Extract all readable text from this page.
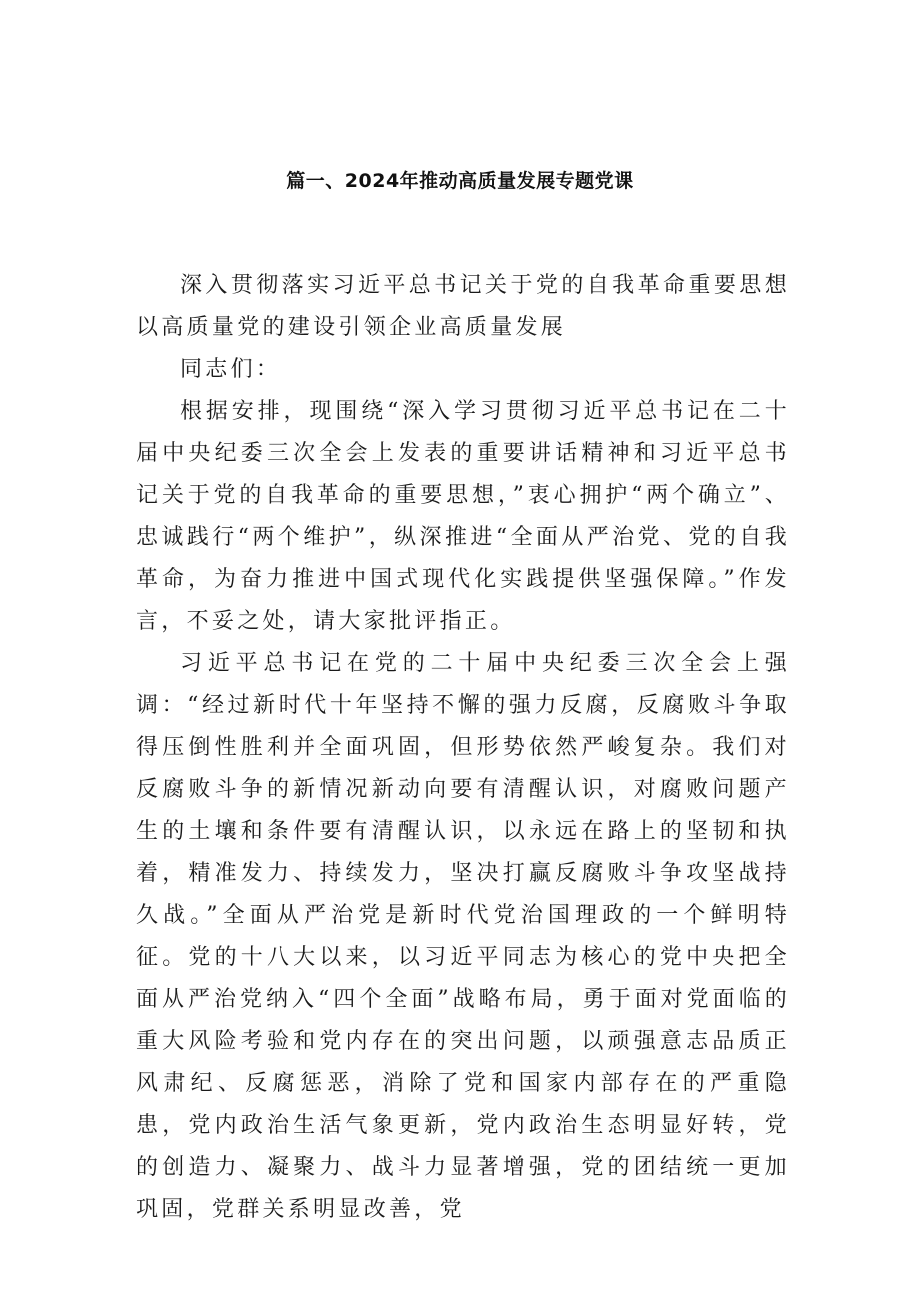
篇一、2024年推动高质量发展专题党课

深入贯彻落实习近平总书记关于党的自我革命重要思想以高质量党的建设引领企业高质量发展

同志们：

根据安排，现围绕“深入学习贯彻习近平总书记在二十届中央纪委三次全会上发表的重要讲话精神和习近平总书记关于党的自我革命的重要思想，”衷心拥护“两个确立”、忠诚践行“两个维护”，纵深推进“全面从严治党、党的自我革命，为奋力推进中国式现代化实践提供坚强保障。”作发言，不妥之处，请大家批评指正。

习近平总书记在党的二十届中央纪委三次全会上强调：“经过新时代十年坚持不懈的强力反腐，反腐败斗争取得压倒性胜利并全面巩固，但形势依然严峻复杂。我们对反腐败斗争的新情况新动向要有清醒认识，对腐败问题产生的土壤和条件要有清醒认识，以永远在路上的坚韧和执着，精准发力、持续发力，坚决打赢反腐败斗争攻坚战持久战。”全面从严治党是新时代党治国理政的一个鲜明特征。党的十八大以来，以习近平同志为核心的党中央把全面从严治党纳入“四个全面”战略布局，勇于面对党面临的重大风险考验和党内存在的突出问题，以顽强意志品质正风肃纪、反腐惩恶，消除了党和国家内部存在的严重隐患，党内政治生活气象更新，党内政治生态明显好转，党的创造力、凝聚力、战斗力显著增强，党的团结统一更加巩固，党群关系明显改善，党
